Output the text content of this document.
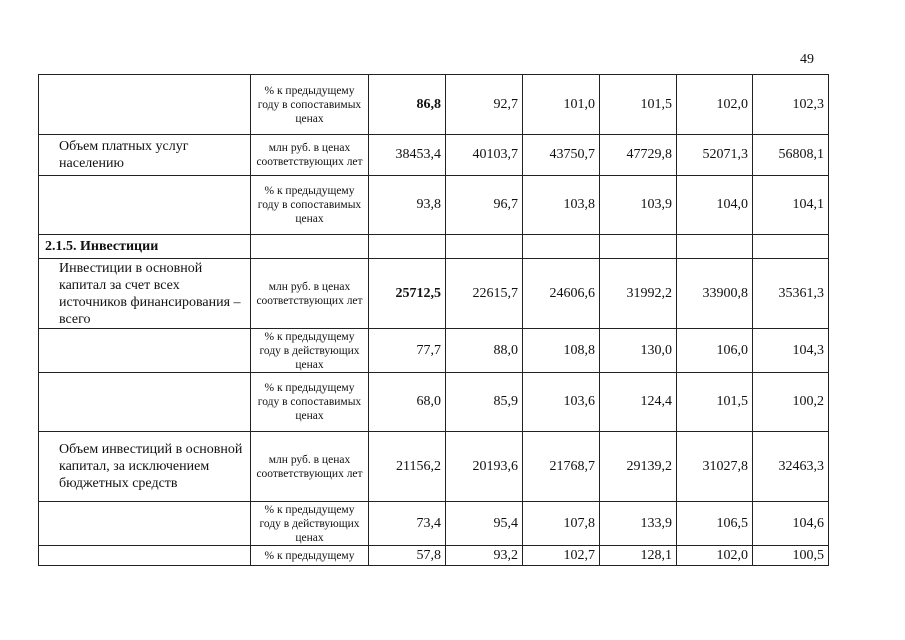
49
	% к предыдущему году в сопоставимых ценах	86,8	92,7	101,0	101,5	102,0	102,3

Объем платных услуг населению	млн руб. в ценах соответствующих лет	38453,4	40103,7	43750,7	47729,8	52071,3	56808,1
	% к предыдущему году в сопоставимых ценах	93,8	96,7	103,8	103,9	104,0	104,1
2.1.5. Инвестиции							

Инвестиции в основной капитал за счет всех источников финансирования – всего	млн руб. в ценах соответствующих лет	25712,5	22615,7	24606,6	31992,2	33900,8	35361,3
	% к предыдущему году в действующих ценах	77,7	88,0	108,8	130,0	106,0	104,3
	% к предыдущему году в сопоставимых ценах	68,0	85,9	103,6	124,4	101,5	100,2

Объем инвестиций в основной капитал, за исключением бюджетных средств	млн руб. в ценах соответствующих лет	21156,2	20193,6	21768,7	29139,2	31027,8	32463,3
	% к предыдущему году в действующих ценах	73,4	95,4	107,8	133,9	106,5	104,6
	% к предыдущему	57,8	93,2	102,7	128,1	102,0	100,5
